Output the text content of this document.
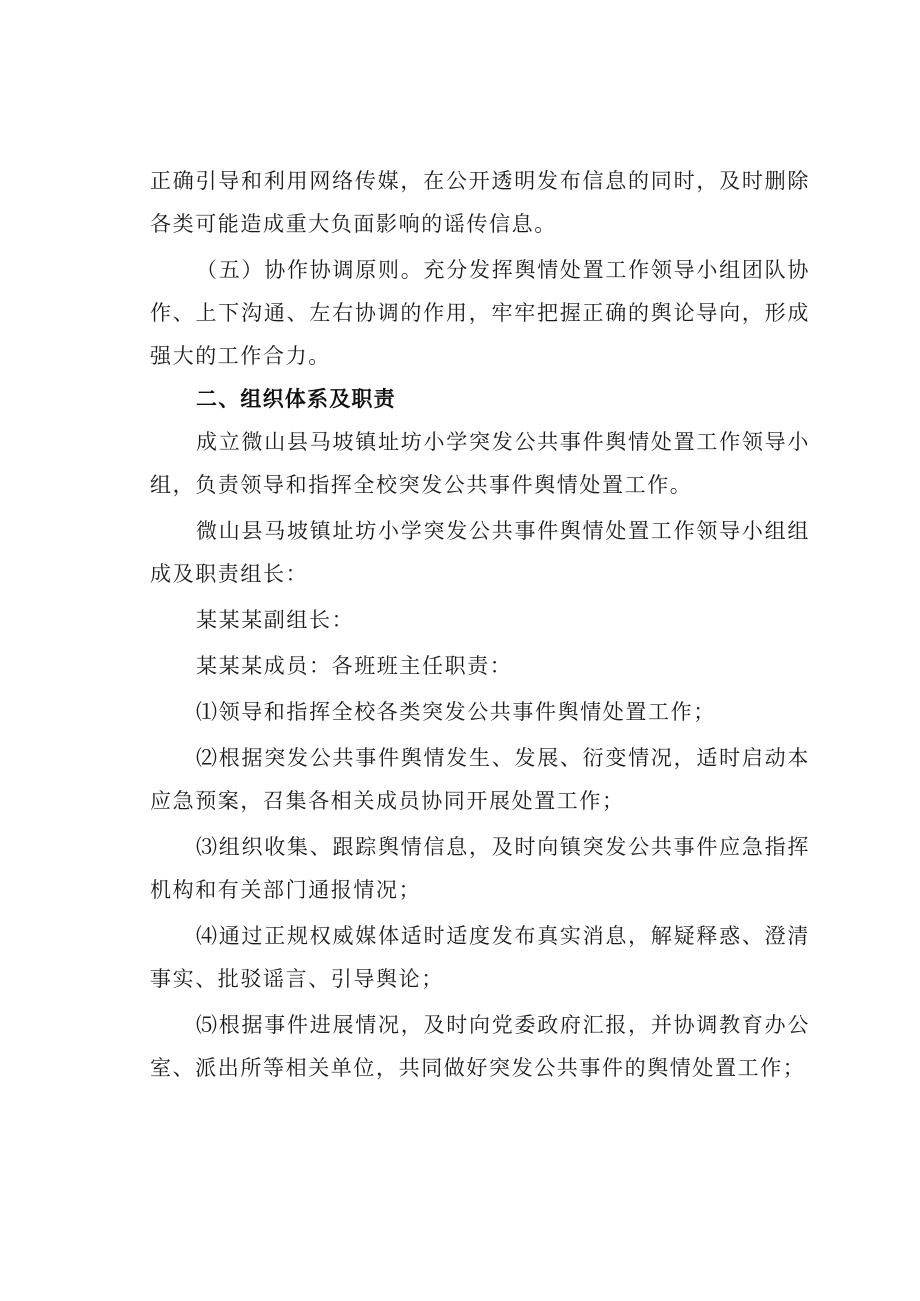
正确引导和利用网络传媒，在公开透明发布信息的同时，及时删除各类可能造成重大负面影响的谣传信息。

（五）协作协调原则。充分发挥舆情处置工作领导小组团队协作、上下沟通、左右协调的作用，牢牢把握正确的舆论导向，形成强大的工作合力。

二、组织体系及职责

成立微山县马坡镇址坊小学突发公共事件舆情处置工作领导小组，负责领导和指挥全校突发公共事件舆情处置工作。

微山县马坡镇址坊小学突发公共事件舆情处置工作领导小组组成及职责组长：

某某某副组长：

某某某成员：各班班主任职责：

⑴领导和指挥全校各类突发公共事件舆情处置工作；

⑵根据突发公共事件舆情发生、发展、衍变情况，适时启动本应急预案，召集各相关成员协同开展处置工作；

⑶组织收集、跟踪舆情信息，及时向镇突发公共事件应急指挥机构和有关部门通报情况；

⑷通过正规权威媒体适时适度发布真实消息，解疑释惑、澄清事实、批驳谣言、引导舆论；

⑸根据事件进展情况，及时向党委政府汇报，并协调教育办公室、派出所等相关单位，共同做好突发公共事件的舆情处置工作；
